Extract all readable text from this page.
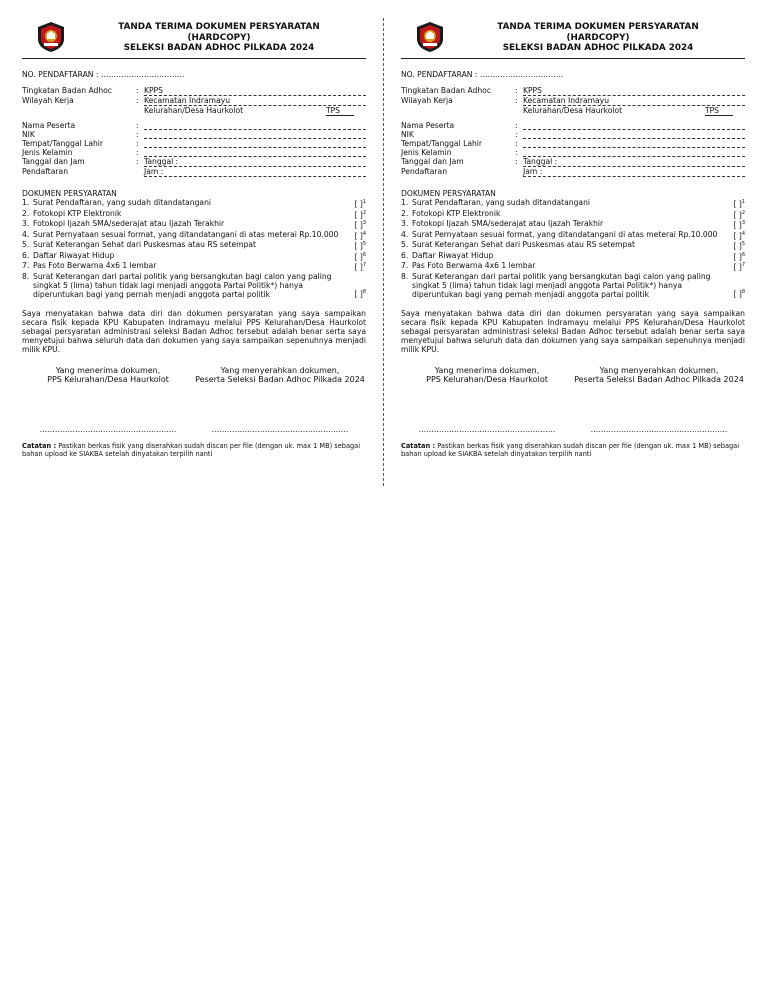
TANDA TERIMA DOKUMEN PERSYARATAN
(HARDCOPY)
SELEKSI BADAN ADHOC PILKADA 2024
NO. PENDAFTARAN : ……………………………
Tingkatan Badan Adhoc	: KPPS
Wilayah Kerja	: Kecamatan Indramayu
Kelurahan/Desa Haurkolot	TPS
Nama Peserta	:
NIK	:
Tempat/Tanggal Lahir	:
Jenis Kelamin	:
Tanggal dan Jam	: Tanggal :
Pendaftaran	Jam :
DOKUMEN PERSYARATAN
1. Surat Pendaftaran, yang sudah ditandatangani	[ ]$^1$
2. Fotokopi KTP Elektronik	[ ]$^2$
3. Fotokopi Ijazah SMA/sederajat atau Ijazah Terakhir	[ ]$^3$
4. Surat Pernyataan sesuai format, yang ditandatangani di atas meterai Rp.10.000	[ ]$^4$
5. Surat Keterangan Sehat dari Puskesmas atau RS setempat	[ ]$^5$
6. Daftar Riwayat Hidup	[ ]$^6$
7. Pas Foto Berwarna 4x6 1 lembar	[ ]$^7$
8. Surat Keterangan dari partai politik yang bersangkutan bagi calon yang paling singkat 5 (lima) tahun tidak lagi menjadi anggota Partai Politik*) hanya diperuntukan bagi yang pernah menjadi anggota partai politik	[ ]$^8$
Saya menyatakan bahwa data diri dan dokumen persyaratan yang saya sampaikan secara fisik kepada KPU Kabupaten Indramayu melalui PPS Kelurahan/Desa Haurkolot sebagai persyaratan administrasi seleksi Badan Adhoc tersebut adalah benar serta saya menyetujui bahwa seluruh data dan dokumen yang saya sampaikan sepenuhnya menjadi milik KPU.
Yang menerima dokumen,
PPS Kelurahan/Desa Haurkolot
Yang menyerahkan dokumen,
Peserta Seleksi Badan Adhoc Pilkada 2024
………………………………………………	………………………………………………
Catatan : Pastikan berkas fisik yang diserahkan sudah discan per file (dengan uk. max 1 MB) sebagai bahan upload ke SIAKBA setelah dinyatakan terpilih nanti
TANDA TERIMA DOKUMEN PERSYARATAN
(HARDCOPY)
SELEKSI BADAN ADHOC PILKADA 2024
NO. PENDAFTARAN : ……………………………
Tingkatan Badan Adhoc	: KPPS
Wilayah Kerja	: Kecamatan Indramayu
Kelurahan/Desa Haurkolot	TPS
Nama Peserta	:
NIK	:
Tempat/Tanggal Lahir	:
Jenis Kelamin	:
Tanggal dan Jam	: Tanggal :
Pendaftaran	Jam :
DOKUMEN PERSYARATAN
1. Surat Pendaftaran, yang sudah ditandatangani	[ ]$^1$
2. Fotokopi KTP Elektronik	[ ]$^2$
3. Fotokopi Ijazah SMA/sederajat atau Ijazah Terakhir	[ ]$^3$
4. Surat Pernyataan sesuai format, yang ditandatangani di atas meterai Rp.10.000	[ ]$^4$
5. Surat Keterangan Sehat dari Puskesmas atau RS setempat	[ ]$^5$
6. Daftar Riwayat Hidup	[ ]$^6$
7. Pas Foto Berwarna 4x6 1 lembar	[ ]$^7$
8. Surat Keterangan dari partai politik yang bersangkutan bagi calon yang paling singkat 5 (lima) tahun tidak lagi menjadi anggota Partai Politik*) hanya diperuntukan bagi yang pernah menjadi anggota partai politik	[ ]$^8$
Saya menyatakan bahwa data diri dan dokumen persyaratan yang saya sampaikan secara fisik kepada KPU Kabupaten Indramayu melalui PPS Kelurahan/Desa Haurkolot sebagai persyaratan administrasi seleksi Badan Adhoc tersebut adalah benar serta saya menyetujui bahwa seluruh data dan dokumen yang saya sampaikan sepenuhnya menjadi milik KPU.
Yang menerima dokumen,
PPS Kelurahan/Desa Haurkolot
Yang menyerahkan dokumen,
Peserta Seleksi Badan Adhoc Pilkada 2024
………………………………………………	………………………………………………
Catatan : Pastikan berkas fisik yang diserahkan sudah discan per file (dengan uk. max 1 MB) sebagai bahan upload ke SIAKBA setelah dinyatakan terpilih nanti
